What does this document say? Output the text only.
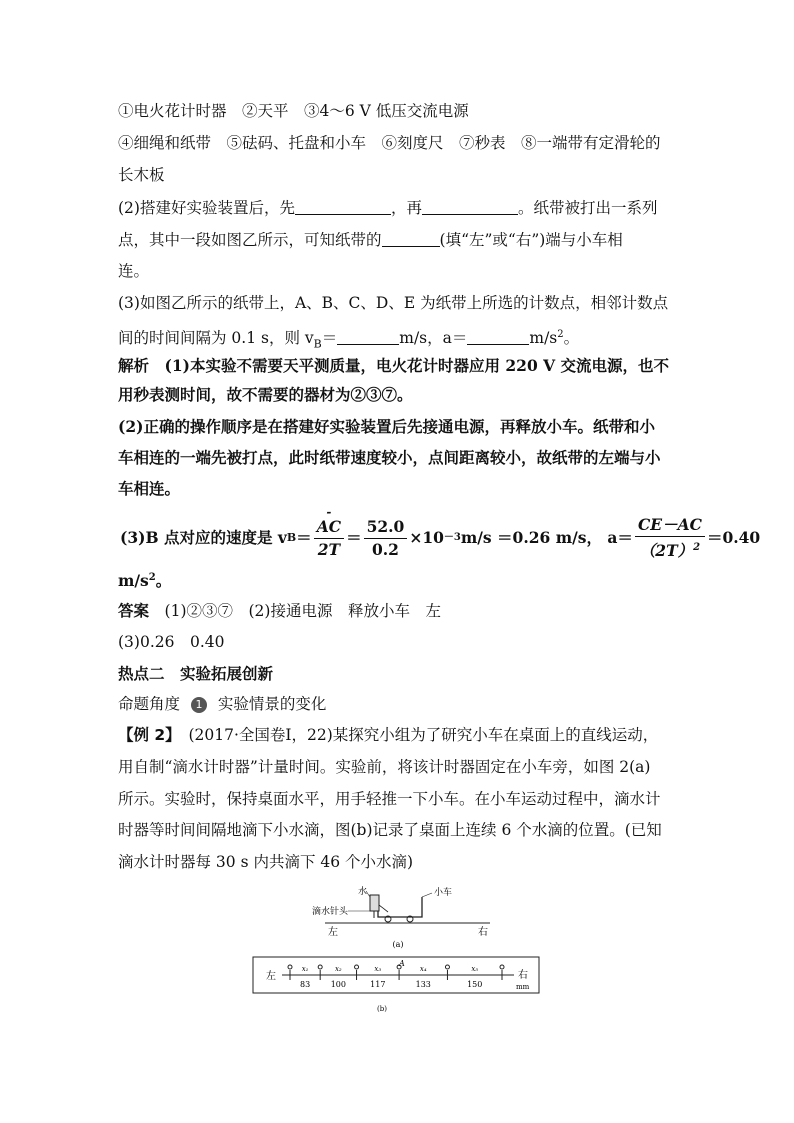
①电火花计时器　②天平　③4～6 V 低压交流电源
④细绳和纸带　⑤砝码、托盘和小车　⑥刻度尺　⑦秒表　⑧一端带有定滑轮的
长木板
(2)搭建好实验装置后，先	，再	。纸带被打出一系列
点，其中一段如图乙所示，可知纸带的	(填“左”或“右”)端与小车相
连。
(3)如图乙所示的纸带上，A、B、C、D、E 为纸带上所选的计数点，相邻计数点
间的时间间隔为 0.1 s，则 $v_B=$	m/s，a＝	$m/s^2$。
解析　 (1)本实验不需要天平测质量，电火花计时器应用 220 V 交流电源，也不
用秒表测时间，故不需要的器材为②③⑦。
(2)正确的操作顺序是在搭建好实验装置后先接通电源，再释放小车。纸带和小
车相连的一端先被打点，此时纸带速度较小，点间距离较小，故纸带的左端与小
车相连。
(3)B 点对应的速度是 v B ＝
- $\frac{AC}{2T} = \frac{52.0}{0.2} \times 10 -3$ m/s ＝0.26 m/s， $a= \frac{CE-AC}{(2T)^2} =0.40$
$m/s^2$。
答案　 (1)②③⑦　(2)接通电源　释放小车　左
(3)0.26　0.40
热点二　实验拓展创新
命题角度 1 实验情景的变化
【例 2】　 (2017·全国卷Ⅰ，22)某探究小组为了研究小车在桌面上的直线运动，
用自制“滴水计时器”计量时间。实验前，将该计时器固定在小车旁，如图 2(a)
所示。实验时，保持桌面水平，用手轻推一下小车。在小车运动过程中，滴水计
时器等时间间隔地滴下小水滴，图(b)记录了桌面上连续 6 个水滴的位置。(已知
滴水计时器每 30 s 内共滴下 46 个小水滴)
水
滴水针头
小车
左	右
(a)
左	右
mm
A
x₁	x₂	x₃	x₄	x₅
83	100	117	133	150
(b)
